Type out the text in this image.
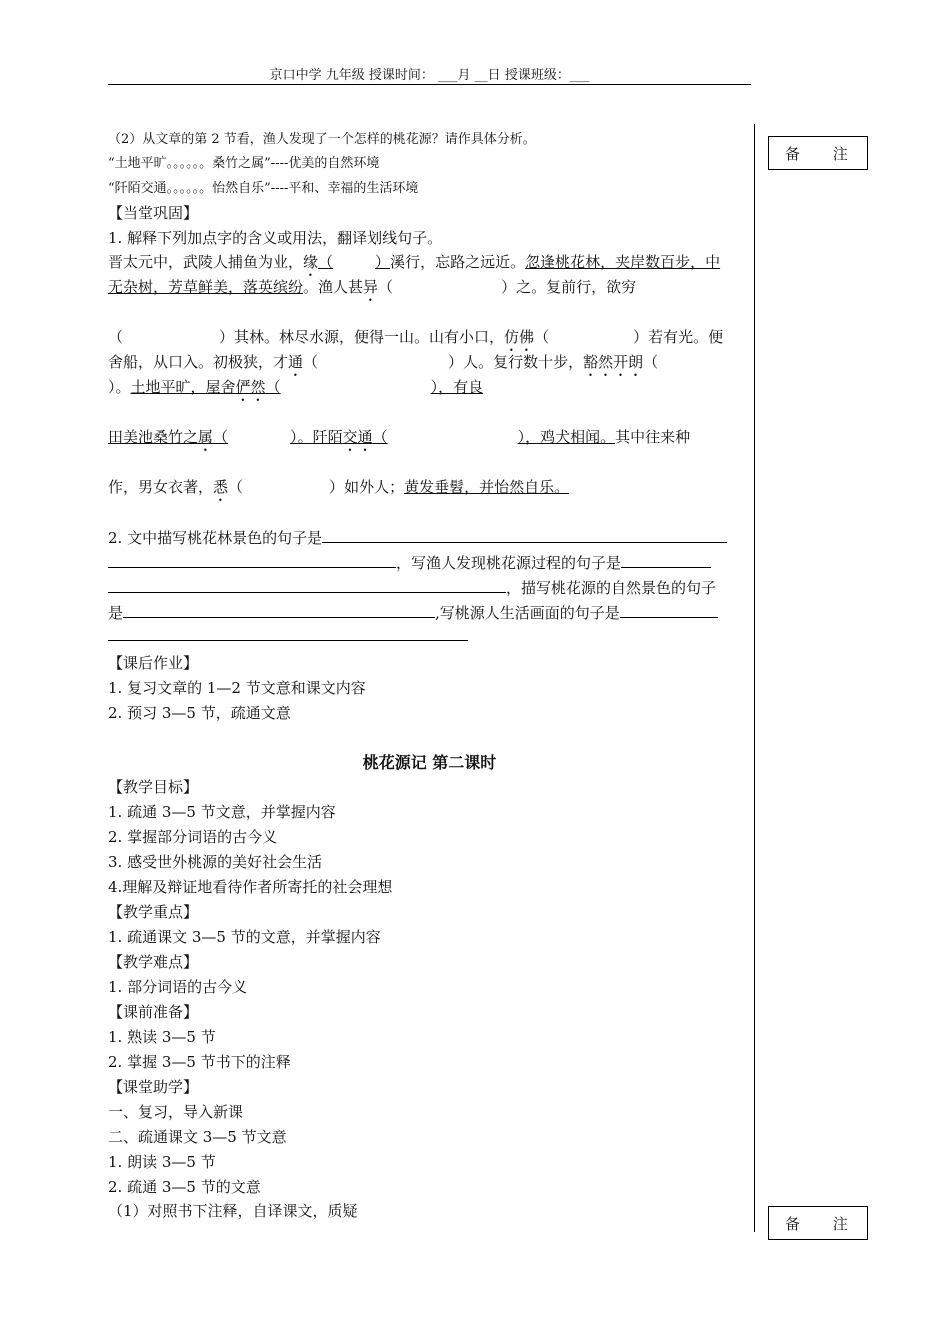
京口中学 九年级 授课时间： ___月 __日 授课班级：___
备 注
备 注
（2）从文章的第 2 节看，渔人发现了一个怎样的桃花源？请作具体分析。
“土地平旷。。。。。。桑竹之属”----优美的自然环境
“阡陌交通。。。。。。怡然自乐”----平和、幸福的生活环境
【当堂巩固】
1. 解释下列加点字的含义或用法，翻译划线句子。
晋太元中，武陵人捕鱼为业，缘（	）溪行，忘路之远近。忽逢桃花林，夹岸数百步，中
无杂树，芳草鲜美，落英缤纷。渔人甚异（	）之。复前行，欲穷
（	）其林。林尽水源，便得一山。山有小口，仿佛（	）若有光。便
舍船，从口入。初极狭，才通（	）人。复行数十步，豁然开朗（
）。土地平旷，屋舍俨然（	），有良
田美池桑竹之属（	）。阡陌交通（	），鸡犬相闻。其中往来种
作，男女衣著，悉（	）如外人；黄发垂髫，并怡然自乐。
2. 文中描写桃花林景色的句子是
，写渔人发现桃花源过程的句子是
，描写桃花源的自然景色的句子
是	,写桃源人生活画面的句子是
【课后作业】
1. 复习文章的 1—2 节文意和课文内容
2. 预习 3—5 节，疏通文意
桃花源记 第二课时
【教学目标】
1. 疏通 3—5 节文意，并掌握内容
2. 掌握部分词语的古今义
3. 感受世外桃源的美好社会生活
4.理解及辩证地看待作者所寄托的社会理想
【教学重点】
1. 疏通课文 3—5 节的文意，并掌握内容
【教学难点】
1. 部分词语的古今义
【课前准备】
1. 熟读 3—5 节
2. 掌握 3—5 节书下的注释
【课堂助学】
一、复习，导入新课
二、疏通课文 3—5 节文意
1. 朗读 3—5 节
2. 疏通 3—5 节的文意
（1）对照书下注释，自译课文，质疑
